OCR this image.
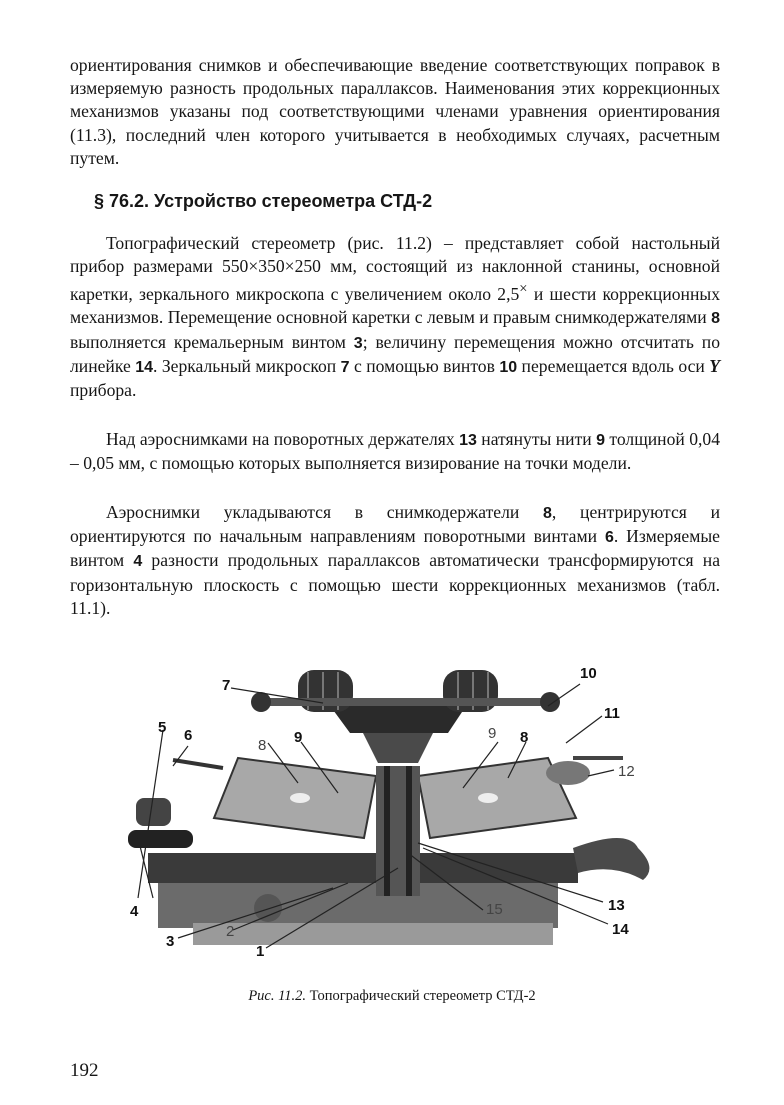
ориентирования снимков и обеспечивающие введение соответствующих поправок в измеряемую разность продольных параллаксов. Наименования этих коррекционных механизмов указаны под соответствующими членами уравнения ориентирования (11.3), последний член которого учитывается в необходимых случаях, расчетным путем.

§ 76.2. Устройство стереометра СТД-2

Топографический стереометр (рис. 11.2) – представляет собой настольный прибор размерами 550×350×250 мм, состоящий из наклонной станины, основной каретки, зеркального микроскопа с увеличением около 2,5× и шести коррекционных механизмов. Перемещение основной каретки с левым и правым снимкодержателями 8 выполняется кремальерным винтом 3; величину перемещения можно отсчитать по линейке 14. Зеркальный микроскоп 7 с помощью винтов 10 перемещается вдоль оси Y прибора.

Над аэроснимками на поворотных держателях 13 натянуты нити 9 толщиной 0,04 – 0,05 мм, с помощью которых выполняется визирование на точки модели.

Аэроснимки укладываются в снимкодержатели 8, центрируются и ориентируются по начальным направлениям поворотными винтами 6. Измеряемые винтом 4 разности продольных параллаксов автоматически трансформируются на горизонтальную плоскость с помощью шести коррекционных механизмов (табл. 11.1).

1
2
3
4
5 6
7
8 9	9 8
10
11
12
13
14
15
Рис. 11.2. Топографический стереометр СТД-2
192
